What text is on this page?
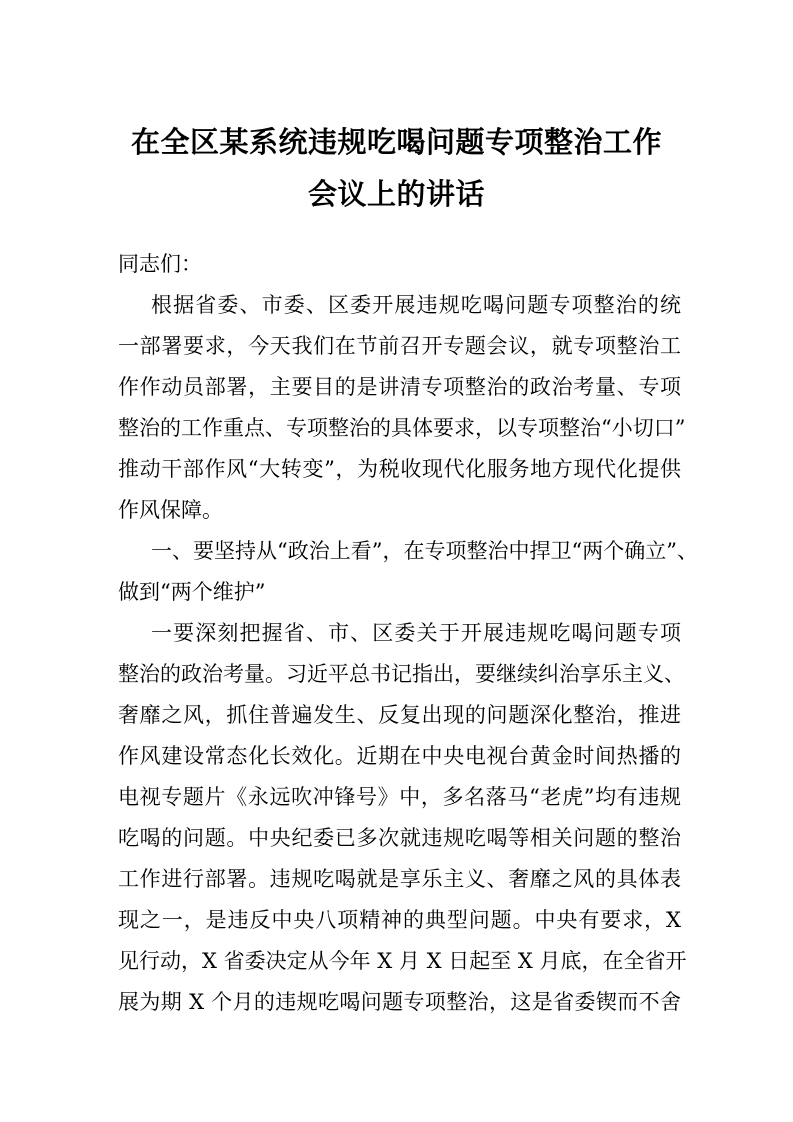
在全区某系统违规吃喝问题专项整治工作
会议上的讲话
同志们：
根据省委、市委、区委开展违规吃喝问题专项整治的统
一部署要求，今天我们在节前召开专题会议，就专项整治工
作作动员部署，主要目的是讲清专项整治的政治考量、专项
整治的工作重点、专项整治的具体要求，以专项整治“小切口”
推动干部作风“大转变”，为税收现代化服务地方现代化提供
作风保障。
一、要坚持从“政治上看”，在专项整治中捍卫“两个确立”、
做到“两个维护”
一要深刻把握省、市、区委关于开展违规吃喝问题专项
整治的政治考量。习近平总书记指出，要继续纠治享乐主义、
奢靡之风，抓住普遍发生、反复出现的问题深化整治，推进
作风建设常态化长效化。近期在中央电视台黄金时间热播的
电视专题片《永远吹冲锋号》中，多名落马“老虎”均有违规
吃喝的问题。中央纪委已多次就违规吃喝等相关问题的整治
工作进行部署。违规吃喝就是享乐主义、奢靡之风的具体表
现之一，是违反中央八项精神的典型问题。中央有要求，X
见行动，X 省委决定从今年 X 月 X 日起至 X 月底，在全省开
展为期 X 个月的违规吃喝问题专项整治，这是省委锲而不舍
